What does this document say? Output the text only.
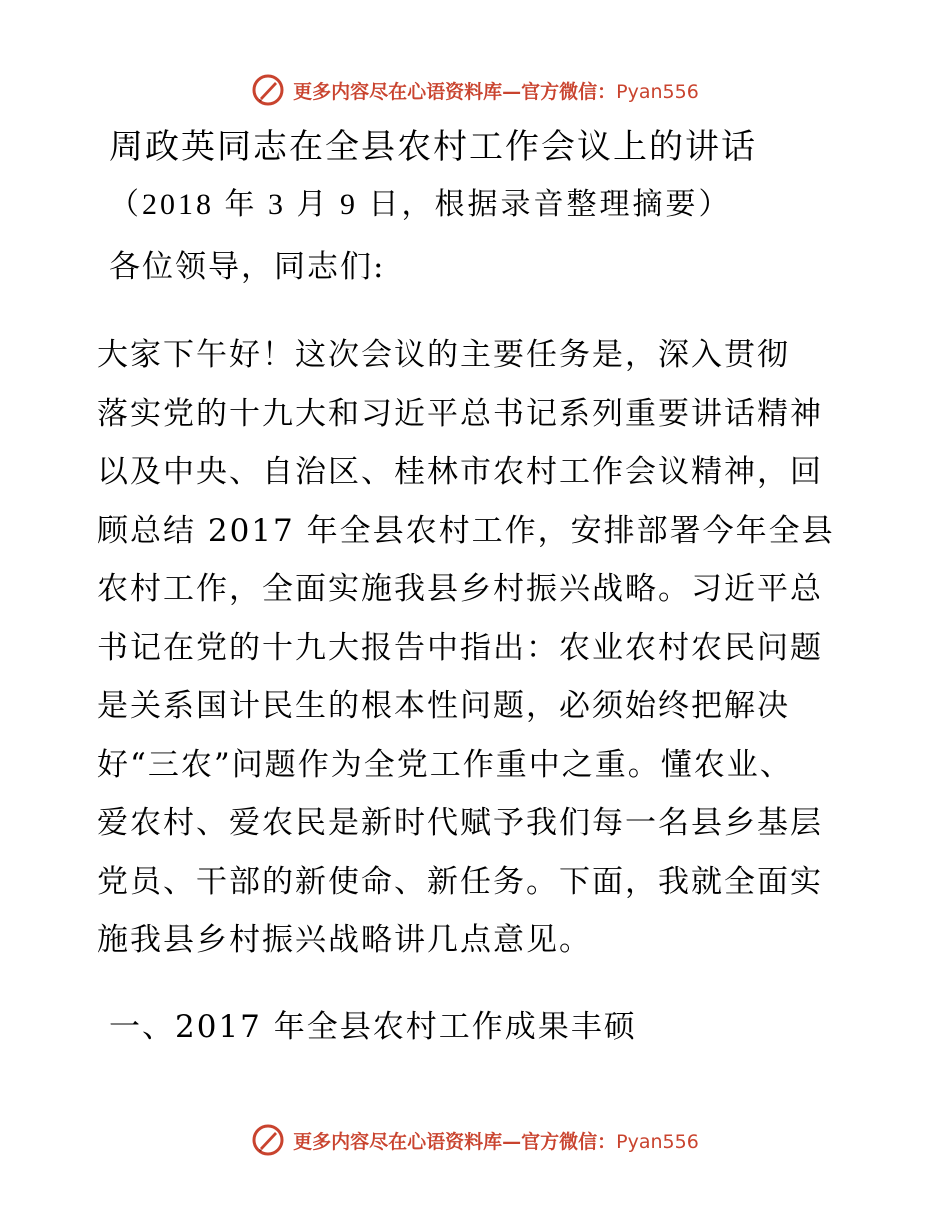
更多内容尽在心语资料库—官方微信：Pyan556
周政英同志在全县农村工作会议上的讲话
（2018 年 3 月 9 日，根据录音整理摘要）
各位领导，同志们:
大家下午好！这次会议的主要任务是，深入贯彻
落实党的十九大和习近平总书记系列重要讲话精神
以及中央、自治区、桂林市农村工作会议精神，回
顾总结 2017 年全县农村工作，安排部署今年全县
农村工作，全面实施我县乡村振兴战略。习近平总
书记在党的十九大报告中指出：农业农村农民问题
是关系国计民生的根本性问题，必须始终把解决
好“三农”问题作为全党工作重中之重。懂农业、
爱农村、爱农民是新时代赋予我们每一名县乡基层
党员、干部的新使命、新任务。下面，我就全面实
施我县乡村振兴战略讲几点意见。
一、2017 年全县农村工作成果丰硕
更多内容尽在心语资料库—官方微信：Pyan556
